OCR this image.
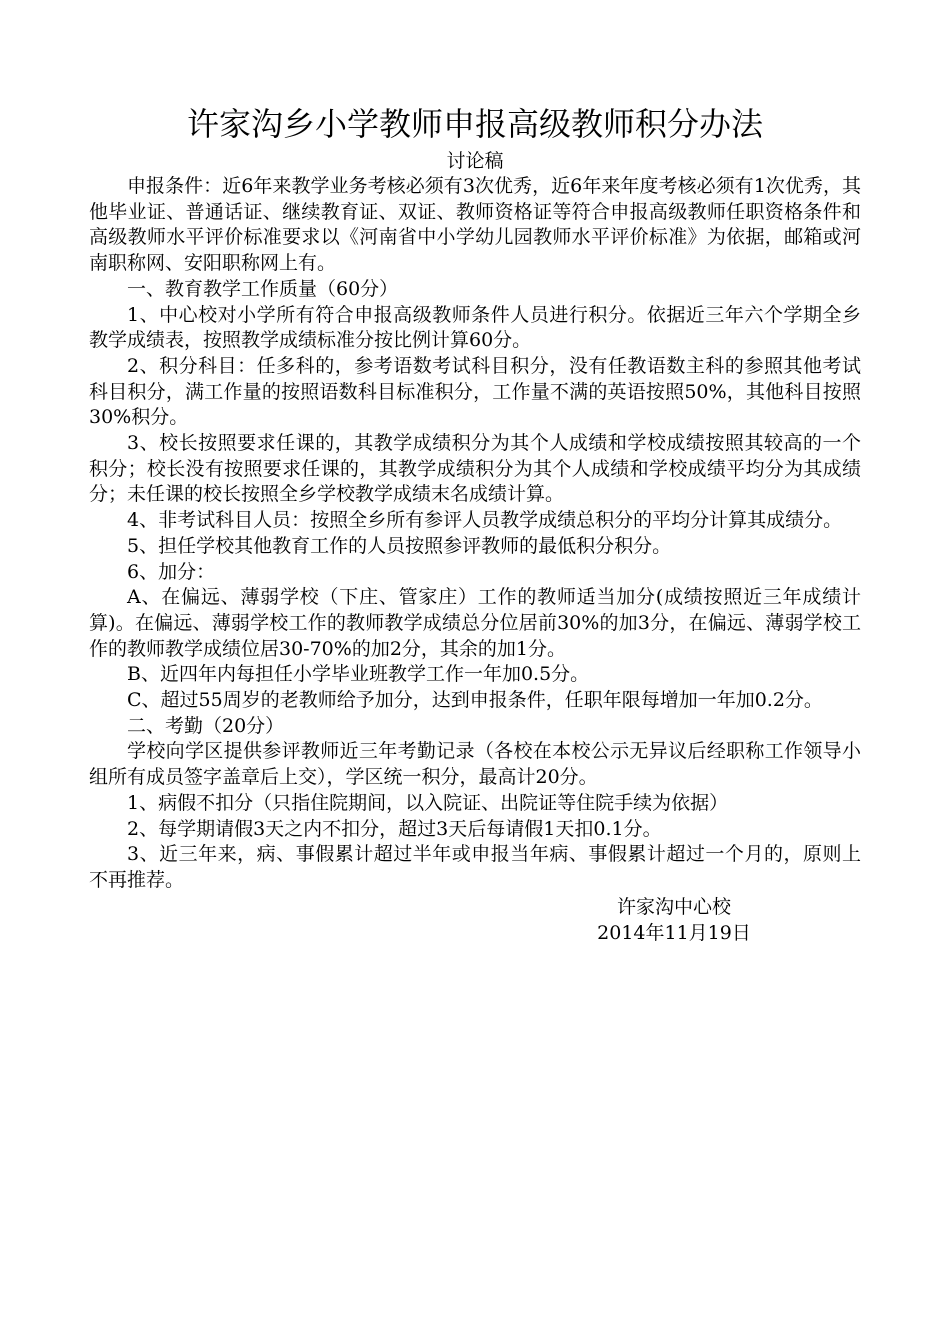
许家沟乡小学教师申报高级教师积分办法
讨论稿

申报条件：近6年来教学业务考核必须有3次优秀，近6年来年度考核必须有1次优秀，其他毕业证、普通话证、继续教育证、双证、教师资格证等符合申报高级教师任职资格条件和高级教师水平评价标准要求以《河南省中小学幼儿园教师水平评价标准》为依据，邮箱或河南职称网、安阳职称网上有。

一、教育教学工作质量（60分）

1、中心校对小学所有符合申报高级教师条件人员进行积分。依据近三年六个学期全乡教学成绩表，按照教学成绩标准分按比例计算60分。

2、积分科目：任多科的，参考语数考试科目积分，没有任教语数主科的参照其他考试科目积分，满工作量的按照语数科目标准积分，工作量不满的英语按照50%，其他科目按照30%积分。

3、校长按照要求任课的，其教学成绩积分为其个人成绩和学校成绩按照其较高的一个积分；校长没有按照要求任课的，其教学成绩积分为其个人成绩和学校成绩平均分为其成绩分；未任课的校长按照全乡学校教学成绩末名成绩计算。

4、非考试科目人员：按照全乡所有参评人员教学成绩总积分的平均分计算其成绩分。

5、担任学校其他教育工作的人员按照参评教师的最低积分积分。

6、加分：

A、在偏远、薄弱学校（下庄、管家庄）工作的教师适当加分(成绩按照近三年成绩计算)。在偏远、薄弱学校工作的教师教学成绩总分位居前30%的加3分，在偏远、薄弱学校工作的教师教学成绩位居30-70%的加2分，其余的加1分。

B、近四年内每担任小学毕业班教学工作一年加0.5分。

C、超过55周岁的老教师给予加分，达到申报条件，任职年限每增加一年加0.2分。

二、考勤（20分）

学校向学区提供参评教师近三年考勤记录（各校在本校公示无异议后经职称工作领导小组所有成员签字盖章后上交），学区统一积分，最高计20分。

1、病假不扣分（只指住院期间，以入院证、出院证等住院手续为依据）

2、每学期请假3天之内不扣分，超过3天后每请假1天扣0.1分。

3、近三年来，病、事假累计超过半年或申报当年病、事假累计超过一个月的，原则上不再推荐。

许家沟中心校
2014年11月19日
